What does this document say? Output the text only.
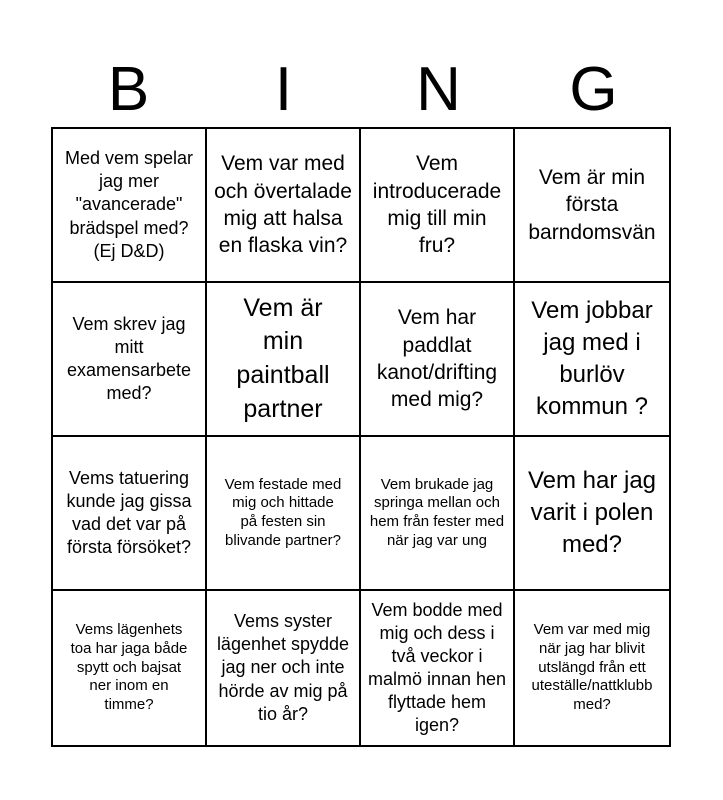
B	I	N	G
Med vem spelar jag mer "avancerade" brädspel med? (Ej D&D)
Vem var med och övertalade mig att halsa en flaska vin?
Vem introducerade mig till min fru?
Vem är min första barndomsvän
Vem skrev jag mitt examensarbete med?
Vem är min paintball partner
Vem har paddlat kanot/drifting med mig?
Vem jobbar jag med i burlöv kommun ?
Vems tatuering kunde jag gissa vad det var på första försöket?
Vem festade med mig och hittade på festen sin blivande partner?
Vem brukade jag springa mellan och hem från fester med när jag var ung
Vem har jag varit i polen med?
Vems lägenhets toa har jaga både spytt och bajsat ner inom en timme?
Vems syster lägenhet spydde jag ner och inte hörde av mig på tio år?
Vem bodde med mig och dess i två veckor i malmö innan hen flyttade hem igen?
Vem var med mig när jag har blivit utslängd från ett uteställe/nattklubb med?
